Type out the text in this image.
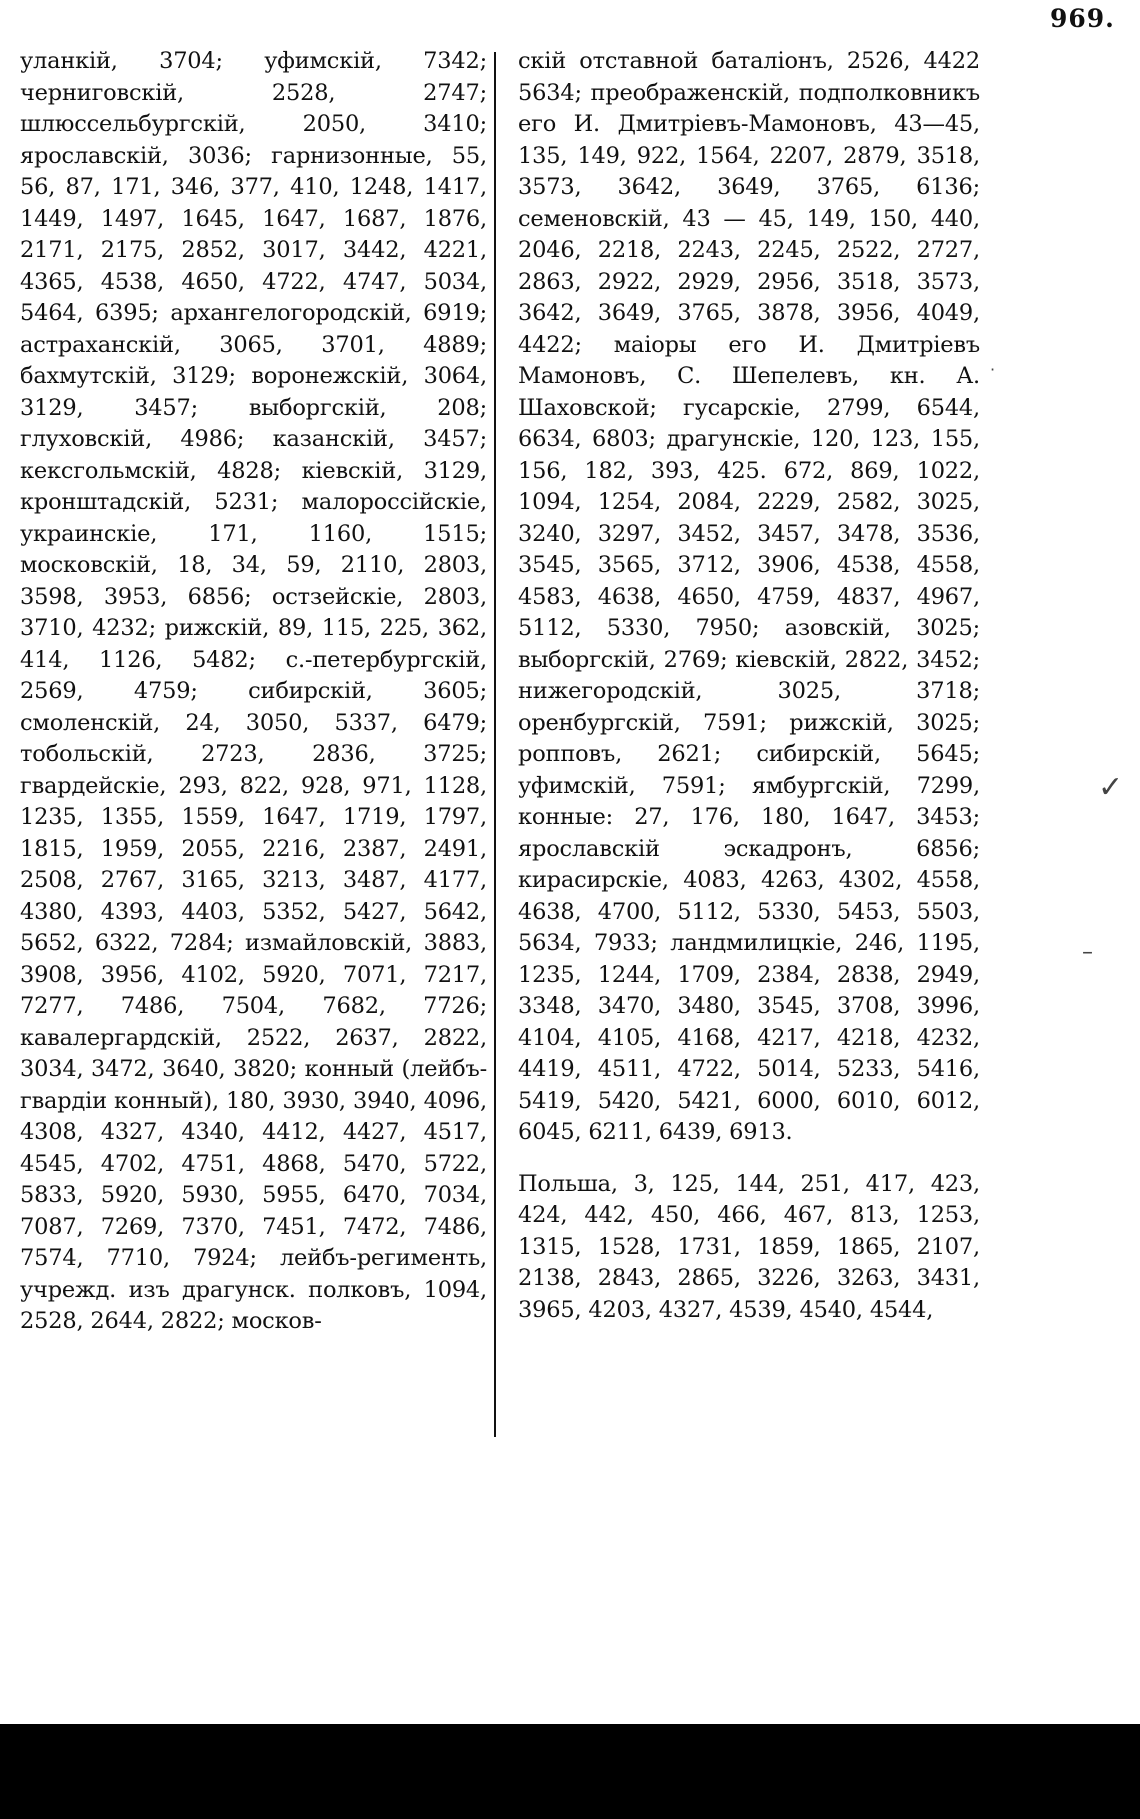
969.

уланкій, 3704; уфимскій, 7342; черниговскій, 2528, 2747; шлюссельбургскій, 2050, 3410; ярославскій, 3036; гарнизонные, 55, 56, 87, 171, 346, 377, 410, 1248, 1417, 1449, 1497, 1645, 1647, 1687, 1876, 2171, 2175, 2852, 3017, 3442, 4221, 4365, 4538, 4650, 4722, 4747, 5034, 5464, 6395; архангелогородскій, 6919; астраханскій, 3065, 3701, 4889; бахмутскій, 3129; воронежскій, 3064, 3129, 3457; выборгскій, 208; глуховскій, 4986; казанскій, 3457; кексгольмскій, 4828; кіевскій, 3129, кронштадскій, 5231; малороссійскіе, украинскіе, 171, 1160, 1515; московскій, 18, 34, 59, 2110, 2803, 3598, 3953, 6856; остзейскіе, 2803, 3710, 4232; рижскій, 89, 115, 225, 362, 414, 1126, 5482; с.-петербургскій, 2569, 4759; сибирскій, 3605; смоленскій, 24, 3050, 5337, 6479; тобольскій, 2723, 2836, 3725; гвардейскіе, 293, 822, 928, 971, 1128, 1235, 1355, 1559, 1647, 1719, 1797, 1815, 1959, 2055, 2216, 2387, 2491, 2508, 2767, 3165, 3213, 3487, 4177, 4380, 4393, 4403, 5352, 5427, 5642, 5652, 6322, 7284; измайловскій, 3883, 3908, 3956, 4102, 5920, 7071, 7217, 7277, 7486, 7504, 7682, 7726; кавалергардскій, 2522, 2637, 2822, 3034, 3472, 3640, 3820; конный (лейбъ-гвардіи конный), 180, 3930, 3940, 4096, 4308, 4327, 4340, 4412, 4427, 4517, 4545, 4702, 4751, 4868, 5470, 5722, 5833, 5920, 5930, 5955, 6470, 7034, 7087, 7269, 7370, 7451, 7472, 7486, 7574, 7710, 7924; лейбъ-регименть, учрежд. изъ драгунск. полковъ, 1094, 2528, 2644, 2822; москов-

скій отставной баталіонъ, 2526, 4422 5634; преображенскій, подполковникъ его И. Дмитріевъ-Мамоновъ, 43—45, 135, 149, 922, 1564, 2207, 2879, 3518, 3573, 3642, 3649, 3765, 6136; семеновскій, 43 — 45, 149, 150, 440, 2046, 2218, 2243, 2245, 2522, 2727, 2863, 2922, 2929, 2956, 3518, 3573, 3642, 3649, 3765, 3878, 3956, 4049, 4422; маіоры его И. Дмитріевъ Мамоновъ, С. Шепелевъ, кн. А. Шаховской; гусарскіе, 2799, 6544, 6634, 6803; драгунскіе, 120, 123, 155, 156, 182, 393, 425. 672, 869, 1022, 1094, 1254, 2084, 2229, 2582, 3025, 3240, 3297, 3452, 3457, 3478, 3536, 3545, 3565, 3712, 3906, 4538, 4558, 4583, 4638, 4650, 4759, 4837, 4967, 5112, 5330, 7950; азовскій, 3025; выборгскій, 2769; кіевскій, 2822, 3452; нижегородскій, 3025, 3718; оренбургскій, 7591; рижскій, 3025; ропповъ, 2621; сибирскій, 5645; уфимскій, 7591; ямбургскій, 7299, конные: 27, 176, 180, 1647, 3453; ярославскій эскадронъ, 6856; кирасирскіе, 4083, 4263, 4302, 4558, 4638, 4700, 5112, 5330, 5453, 5503, 5634, 7933; ландмилицкіе, 246, 1195, 1235, 1244, 1709, 2384, 2838, 2949, 3348, 3470, 3480, 3545, 3708, 3996, 4104, 4105, 4168, 4217, 4218, 4232, 4419, 4511, 4722, 5014, 5233, 5416, 5419, 5420, 5421, 6000, 6010, 6012, 6045, 6211, 6439, 6913.

Польша, 3, 125, 144, 251, 417, 423, 424, 442, 450, 466, 467, 813, 1253, 1315, 1528, 1731, 1859, 1865, 2107, 2138, 2843, 2865, 3226, 3263, 3431, 3965, 4203, 4327, 4539, 4540, 4544,

✓
·
–
